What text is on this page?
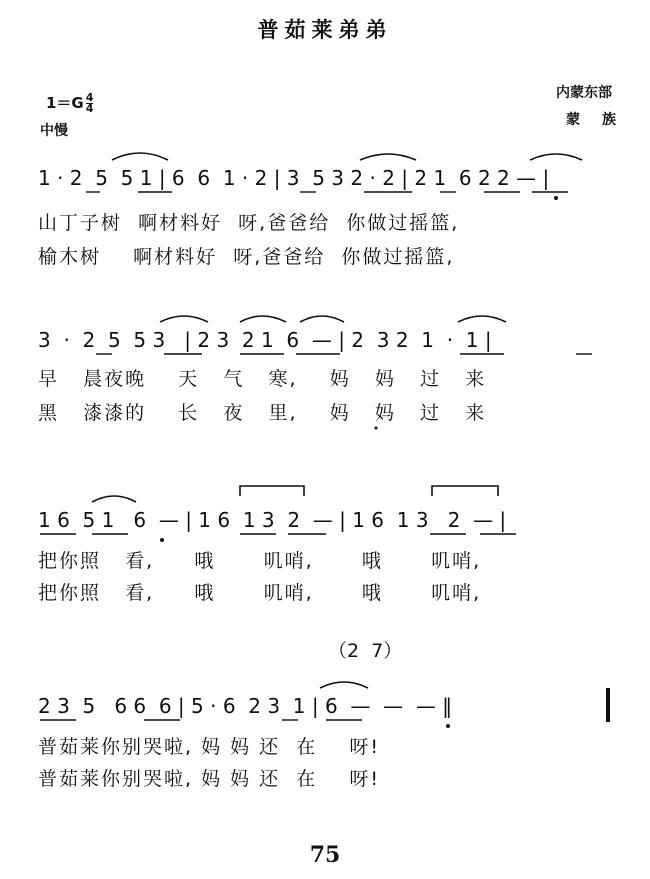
普茹莱弟弟
$1=G \frac{4}{4}$
中慢
内蒙东部
蒙族
1 · 2  5  5 1 | 6  6  1 · 2 | 3  5 3 2 · 2 | 2 1  6 2 2 — |
山丁子树  啊材料好  呀,爸爸给  你做过摇篮,
榆木树    啊材料好  呀,爸爸给  你做过摇篮,
3  ·  2  5  5 3   | 2 3  2 1  6  — | 2  3 2  1  ·  1 |
早   晨夜晚    天   气   寒,    妈   妈   过   来
黑   漆漆的    长   夜   里,    妈   妈   过   来
1 6  5 1   6  — | 1 6  1 3  2  — | 1 6  1 3   2  — |
把你照   看,     哦      叽哨,      哦      叽哨,
把你照   看,     哦      叽哨,      哦      叽哨,
（2  7）
2 3  5   6 6  6 | 5 · 6  2 3  1 | 6  —  —  — ‖
普茹莱你别哭啦, 妈 妈 还  在    呀!
普茹莱你别哭啦, 妈 妈 还  在    呀!
75
